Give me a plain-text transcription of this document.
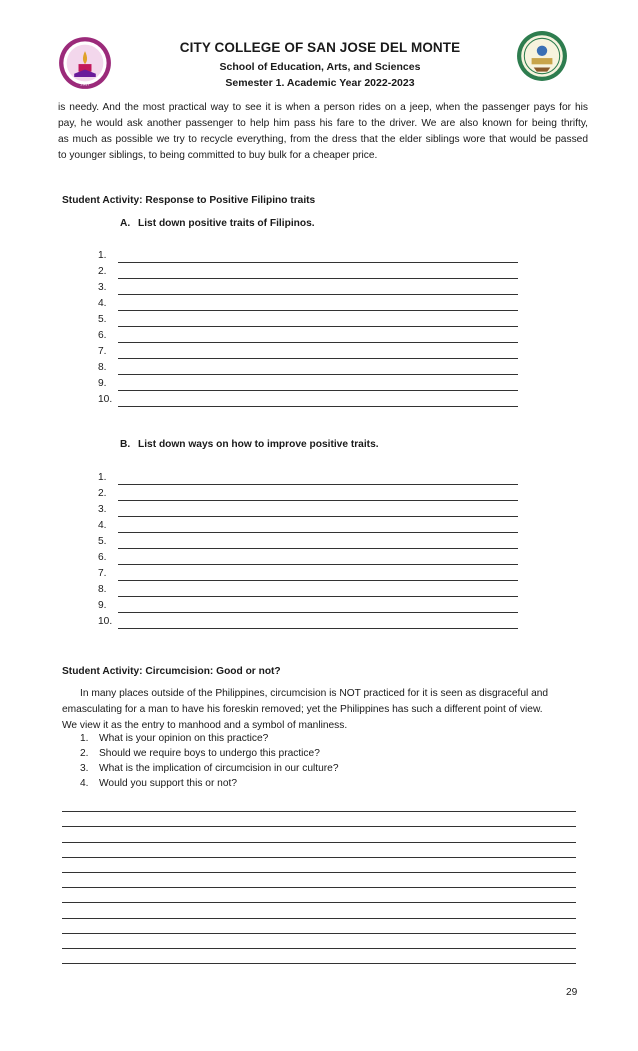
2017
CITY COLLEGE OF SAN JOSE DEL MONTE
School of Education, Arts, and Sciences
Semester 1. Academic Year 2022-2023

is needy. And the most practical way to see it is when a person rides on a jeep, when the passenger pays for his
pay, he would ask another passenger to help him pass his fare to the driver. We are also known for being thrifty,
as much as possible we try to recycle everything, from the dress that the elder siblings wore that would be passed
to younger siblings, to being committed to buy bulk for a cheaper price.

Student Activity: Response to Positive Filipino traits
A. List down positive traits of Filipinos.
1.
2.
3.
4.
5.
6.
7.
8.
9.
10.
B. List down ways on how to improve positive traits.
1.
2.
3.
4.
5.
6.
7.
8.
9.
10.
Student Activity: Circumcision: Good or not?

In many places outside of the Philippines, circumcision is NOT practiced for it is seen as disgraceful and
emasculating for a man to have his foreskin removed; yet the Philippines has such a different point of view.
We view it as the entry to manhood and a symbol of manliness.

1. What is your opinion on this practice?
2. Should we require boys to undergo this practice?
3. What is the implication of circumcision in our culture?
4. Would you support this or not?
29
